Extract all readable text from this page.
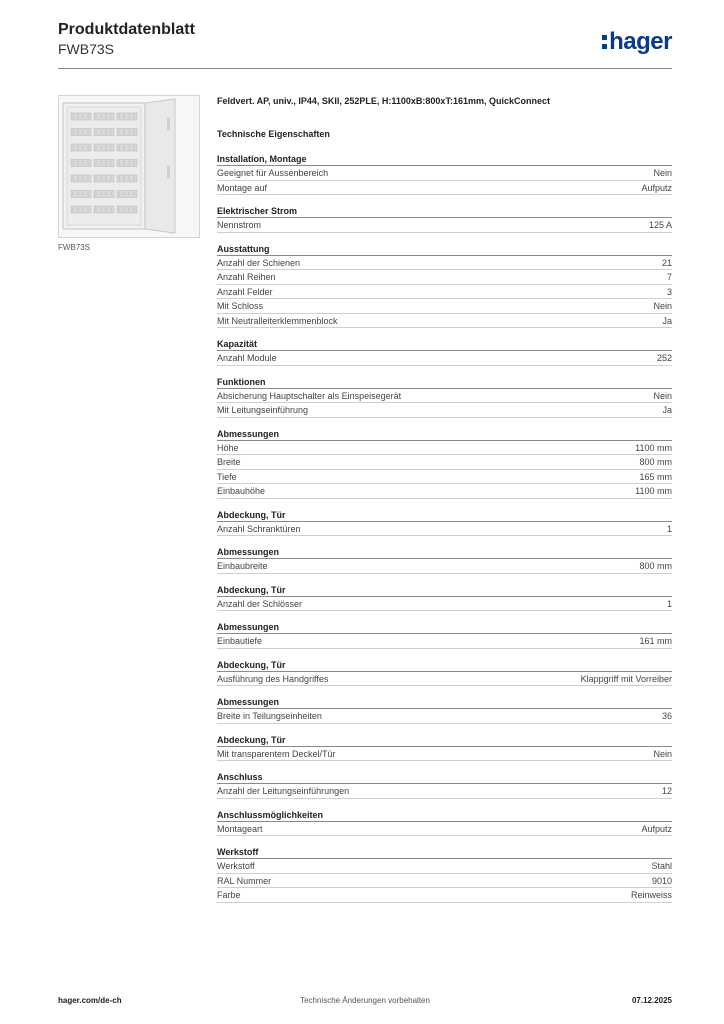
Produktdatenblatt
FWB73S	hager
FWB73S
Feldvert. AP, univ., IP44, SKII, 252PLE, H:1100xB:800xT:161mm, QuickConnect
Technische Eigenschaften
Installation, Montage
Geeignet für Aussenbereich	Nein
Montage auf	Aufputz
Elektrischer Strom
Nennstrom	125 A
Ausstattung
Anzahl der Schienen	21
Anzahl Reihen	7
Anzahl Felder	3
Mit Schloss	Nein
Mit Neutralleiterklemmenblock	Ja
Kapazität
Anzahl Module	252
Funktionen
Absicherung Hauptschalter als Einspeisegerät	Nein
Mit Leitungseinführung	Ja
Abmessungen
Höhe	1100 mm
Breite	800 mm
Tiefe	165 mm
Einbauhöhe	1100 mm
Abdeckung, Tür
Anzahl Schranktüren	1
Abmessungen
Einbaubreite	800 mm
Abdeckung, Tür
Anzahl der Schlösser	1
Abmessungen
Einbautiefe	161 mm
Abdeckung, Tür
Ausführung des Handgriffes	Klappgriff mit Vorreiber
Abmessungen
Breite in Teilungseinheiten	36
Abdeckung, Tür
Mit transparentem Deckel/Tür	Nein
Anschluss
Anzahl der Leitungseinführungen	12
Anschlussmöglichkeiten
Montageart	Aufputz
Werkstoff
Werkstoff	Stahl
RAL Nummer	9010
Farbe	Reinweiss
hager.com/de-ch	Technische Änderungen vorbehalten	07.12.2025
